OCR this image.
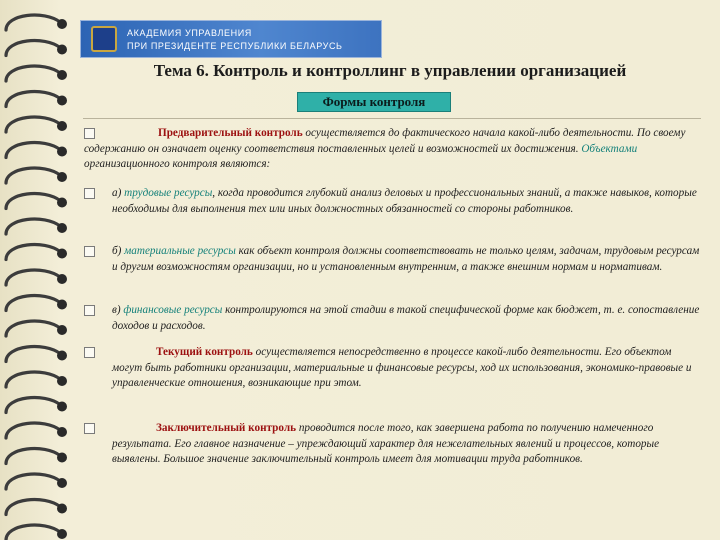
АКАДЕМИЯ УПРАВЛЕНИЯ
ПРИ ПРЕЗИДЕНТЕ РЕСПУБЛИКИ БЕЛАРУСЬ
Тема 6. Контроль и контроллинг в управлении организацией
Формы контроля
Предварительный контроль осуществляется до фактического начала какой-либо деятельности. По своему содержанию он означает оценку соответствия поставленных целей и возможностей их достижения. Объектами организационного контроля являются:
а) трудовые ресурсы, когда проводится глубокий анализ деловых и профессиональных знаний, а также навыков, которые необходимы для выполнения тех или иных должностных обязанностей со стороны работников.
б) материальные ресурсы как объект контроля должны соответствовать не только целям, задачам, трудовым ресурсам и другим возможностям организации, но и установленным внутренним, а также внешним нормам и нормативам.
в) финансовые ресурсы контролируются на этой стадии в такой специфической форме как бюджет, т. е. сопоставление доходов и расходов.
Текущий контроль осуществляется непосредственно в процессе какой-либо деятельности. Его объектом могут быть работники организации, материальные и финансовые ресурсы, ход их использования, экономико-правовые и управленческие отношения, возникающие при этом.
Заключительный контроль проводится после того, как завершена работа по получению намеченного результата. Его главное назначение – упреждающий характер для нежелательных явлений и процессов, которые выявлены. Большое значение заключительный контроль имеет для мотивации труда работников.
